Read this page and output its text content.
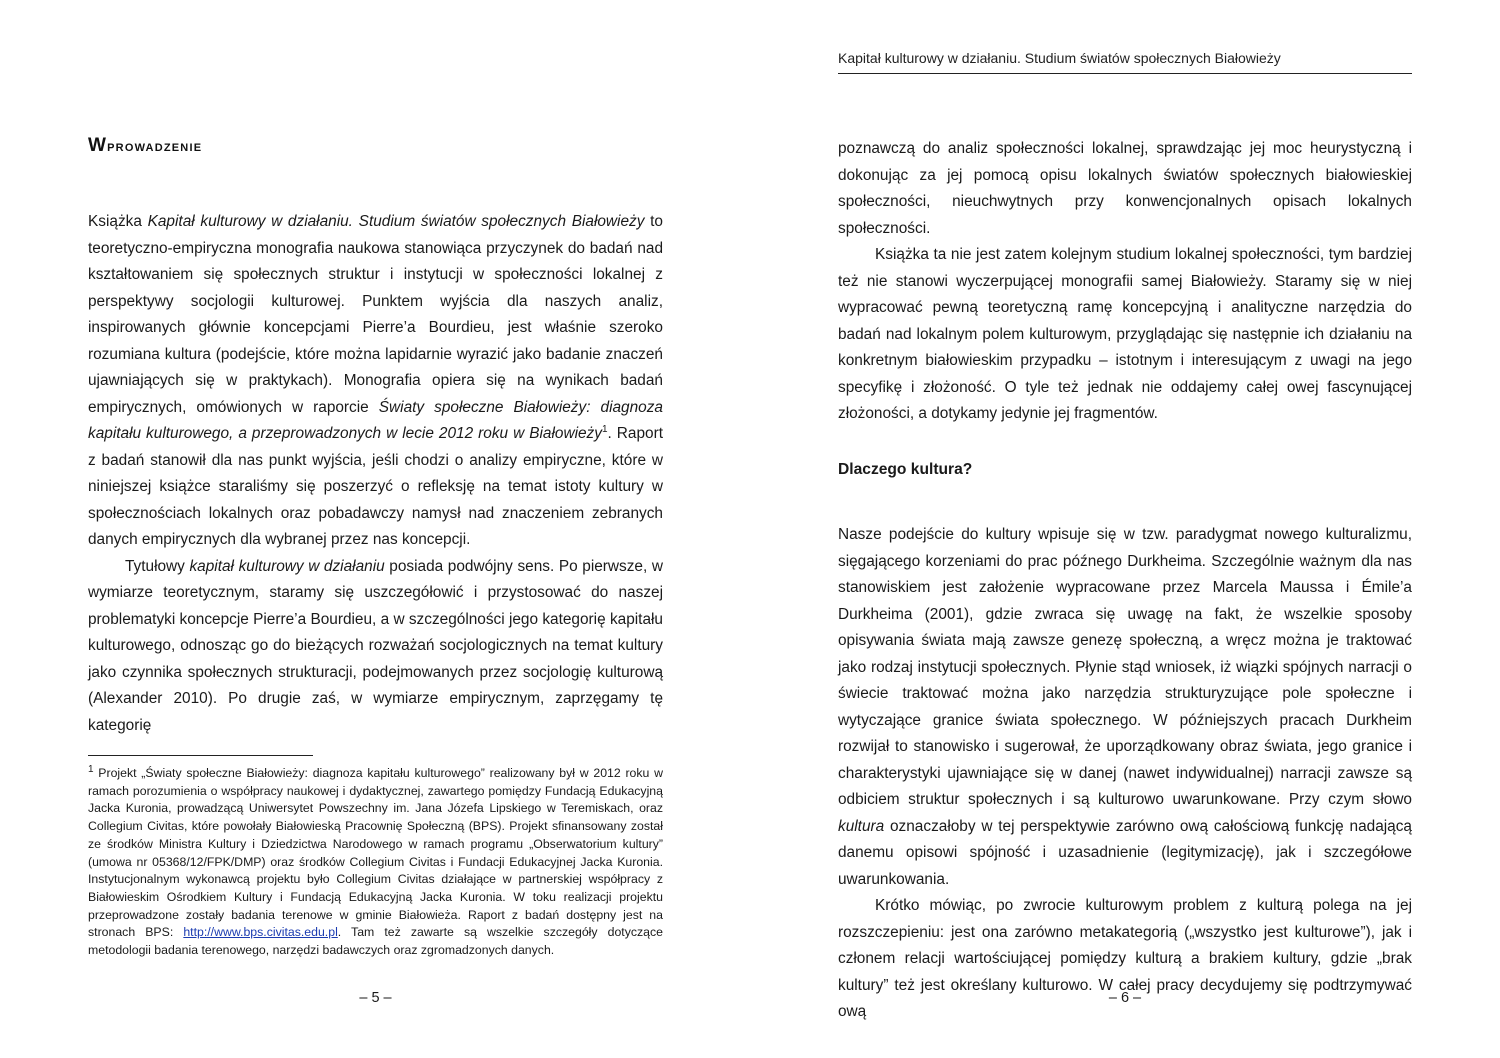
Wprowadzenie

Książka Kapitał kulturowy w działaniu. Studium światów społecznych Białowieży to teoretyczno-empiryczna monografia naukowa stanowiąca przyczynek do badań nad kształtowaniem się społecznych struktur i instytucji w społeczności lokalnej z perspektywy socjologii kulturowej. Punktem wyjścia dla naszych analiz, inspirowanych głównie koncepcjami Pierre’a Bourdieu, jest właśnie szeroko rozumiana kultura (podejście, które można lapidarnie wyrazić jako badanie znaczeń ujawniających się w praktykach). Monografia opiera się na wynikach badań empirycznych, omówionych w raporcie Światy społeczne Białowieży: diagnoza kapitału kulturowego, a przeprowadzonych w lecie 2012 roku w Białowieży$^1$. Raport z badań stanowił dla nas punkt wyjścia, jeśli chodzi o analizy empiryczne, które w niniejszej książce staraliśmy się poszerzyć o refleksję na temat istoty kultury w społecznościach lokalnych oraz pobadawczy namysł nad znaczeniem zebranych danych empirycznych dla wybranej przez nas koncepcji.

Tytułowy kapitał kulturowy w działaniu posiada podwójny sens. Po pierwsze, w wymiarze teoretycznym, staramy się uszczegółowić i przystosować do naszej problematyki koncepcje Pierre’a Bourdieu, a w szczególności jego kategorię kapitału kulturowego, odnosząc go do bieżących rozważań socjologicznych na temat kultury jako czynnika społecznych strukturacji, podejmowanych przez socjologię kulturową (Alexander 2010). Po drugie zaś, w wymiarze empirycznym, zaprzęgamy tę kategorię

$^1$ Projekt „Światy społeczne Białowieży: diagnoza kapitału kulturowego” realizowany był w 2012 roku w ramach porozumienia o współpracy naukowej i dydaktycznej, zawartego pomiędzy Fundacją Edukacyjną Jacka Kuronia, prowadzącą Uniwersytet Powszechny im. Jana Józefa Lipskiego w Teremiskach, oraz Collegium Civitas, które powołały Białowieską Pracownię Społeczną (BPS). Projekt sfinansowany został ze środków Ministra Kultury i Dziedzictwa Narodowego w ramach programu „Obserwatorium kultury” (umowa nr 05368/12/FPK/DMP) oraz środków Collegium Civitas i Fundacji Edukacyjnej Jacka Kuronia. Instytucjonalnym wykonawcą projektu było Collegium Civitas działające w partnerskiej współpracy z Białowieskim Ośrodkiem Kultury i Fundacją Edukacyjną Jacka Kuronia. W toku realizacji projektu przeprowadzone zostały badania terenowe w gminie Białowieża. Raport z badań dostępny jest na stronach BPS: http://www.bps.civitas.edu.pl. Tam też zawarte są wszelkie szczegóły dotyczące metodologii badania terenowego, narzędzi badawczych oraz zgromadzonych danych.
– 5 –
Kapitał kulturowy w działaniu. Studium światów społecznych Białowieży

poznawczą do analiz społeczności lokalnej, sprawdzając jej moc heurystyczną i dokonując za jej pomocą opisu lokalnych światów społecznych białowieskiej społeczności, nieuchwytnych przy konwencjonalnych opisach lokalnych społeczności.

Książka ta nie jest zatem kolejnym studium lokalnej społeczności, tym bardziej też nie stanowi wyczerpującej monografii samej Białowieży. Staramy się w niej wypracować pewną teoretyczną ramę koncepcyjną i analityczne narzędzia do badań nad lokalnym polem kulturowym, przyglądając się następnie ich działaniu na konkretnym białowieskim przypadku – istotnym i interesującym z uwagi na jego specyfikę i złożoność. O tyle też jednak nie oddajemy całej owej fascynującej złożoności, a dotykamy jedynie jej fragmentów.

Dlaczego kultura?

Nasze podejście do kultury wpisuje się w tzw. paradygmat nowego kulturalizmu, sięgającego korzeniami do prac późnego Durkheima. Szczególnie ważnym dla nas stanowiskiem jest założenie wypracowane przez Marcela Maussa i Émile’a Durkheima (2001), gdzie zwraca się uwagę na fakt, że wszelkie sposoby opisywania świata mają zawsze genezę społeczną, a wręcz można je traktować jako rodzaj instytucji społecznych. Płynie stąd wniosek, iż wiązki spójnych narracji o świecie traktować można jako narzędzia strukturyzujące pole społeczne i wytyczające granice świata społecznego. W późniejszych pracach Durkheim rozwijał to stanowisko i sugerował, że uporządkowany obraz świata, jego granice i charakterystyki ujawniające się w danej (nawet indywidualnej) narracji zawsze są odbiciem struktur społecznych i są kulturowo uwarunkowane. Przy czym słowo kultura oznaczałoby w tej perspektywie zarówno ową całościową funkcję nadającą danemu opisowi spójność i uzasadnienie (legitymizację), jak i szczegółowe uwarunkowania.

Krótko mówiąc, po zwrocie kulturowym problem z kulturą polega na jej rozszczepieniu: jest ona zarówno metakategorią („wszystko jest kulturowe”), jak i członem relacji wartościującej pomiędzy kulturą a brakiem kultury, gdzie „brak kultury” też jest określany kulturowo. W całej pracy decydujemy się podtrzymywać ową

– 6 –
